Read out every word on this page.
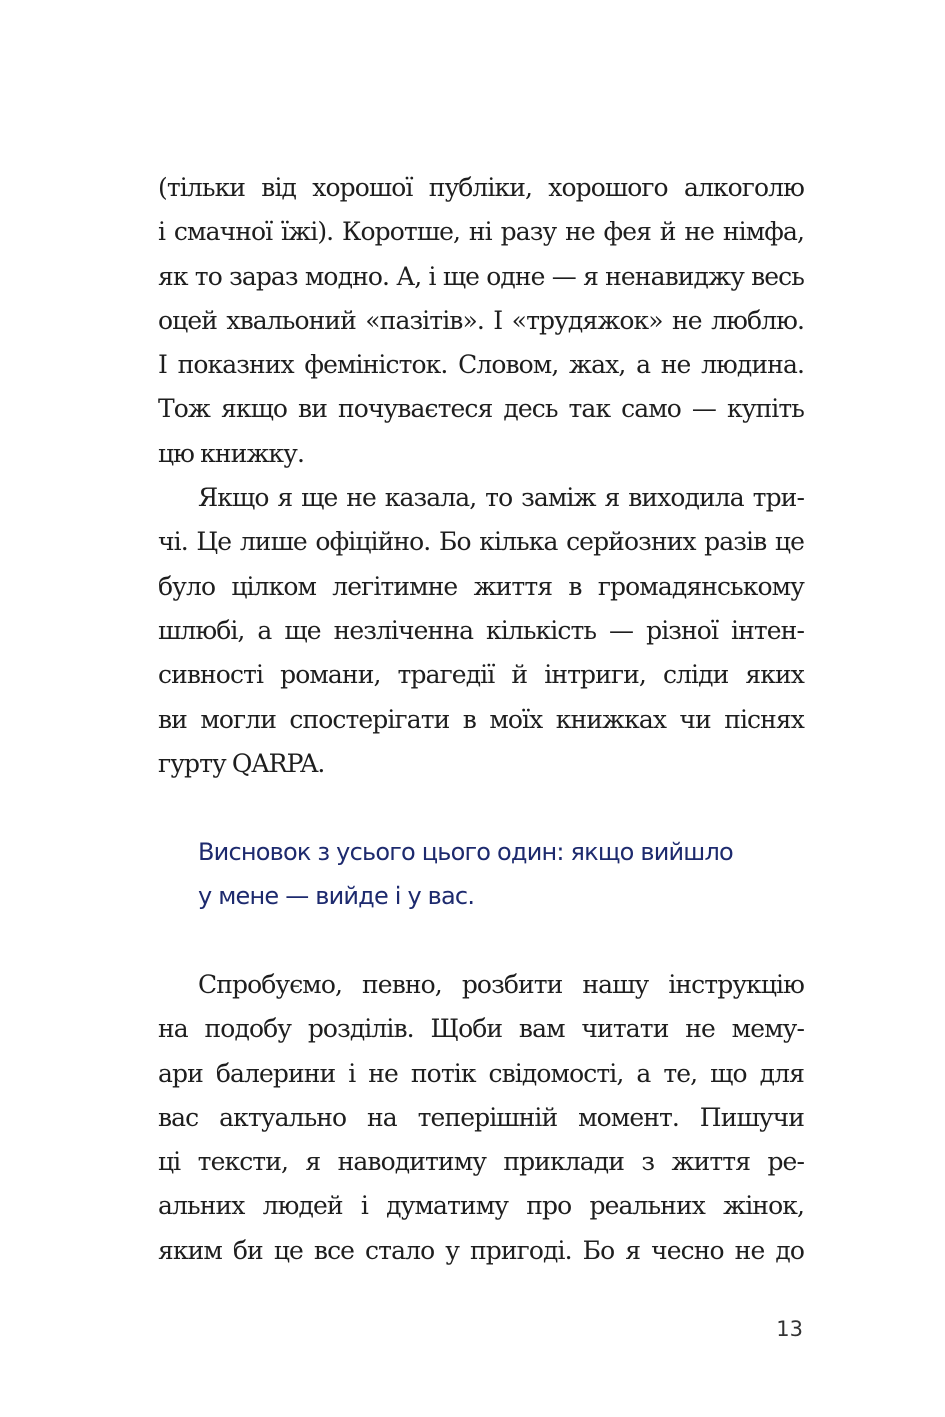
(тільки від хорошої публіки, хорошого алкоголю
і смачної їжі). Коротше, ні разу не фея й не німфа,
як то зараз модно. А, і ще одне — я ненавиджу весь
оцей хвальоний «пазітів». І «трудяжок» не люблю.
І показних феміністок. Словом, жах, а не людина.
Тож якщо ви почуваєтеся десь так само — купіть
цю книжку.
Якщо я ще не казала, то заміж я виходила три-
чі. Це лише офіційно. Бо кілька серйозних разів це
було цілком легітимне життя в громадянському
шлюбі, а ще незліченна кількість — різної інтен-
сивності романи, трагедії й інтриги, сліди яких
ви могли спостерігати в моїх книжках чи піснях
гурту QARPA.
Висновок з усього цього один: якщо вийшло
у мене — вийде і у вас.
Спробуємо, певно, розбити нашу інструкцію
на подобу розділів. Щоби вам читати не мему-
ари балерини і не потік свідомості, а те, що для
вас актуально на теперішній момент. Пишучи
ці тексти, я наводитиму приклади з життя ре-
альних людей і думатиму про реальних жінок,
яким би це все стало у пригоді. Бо я чесно не до
13
